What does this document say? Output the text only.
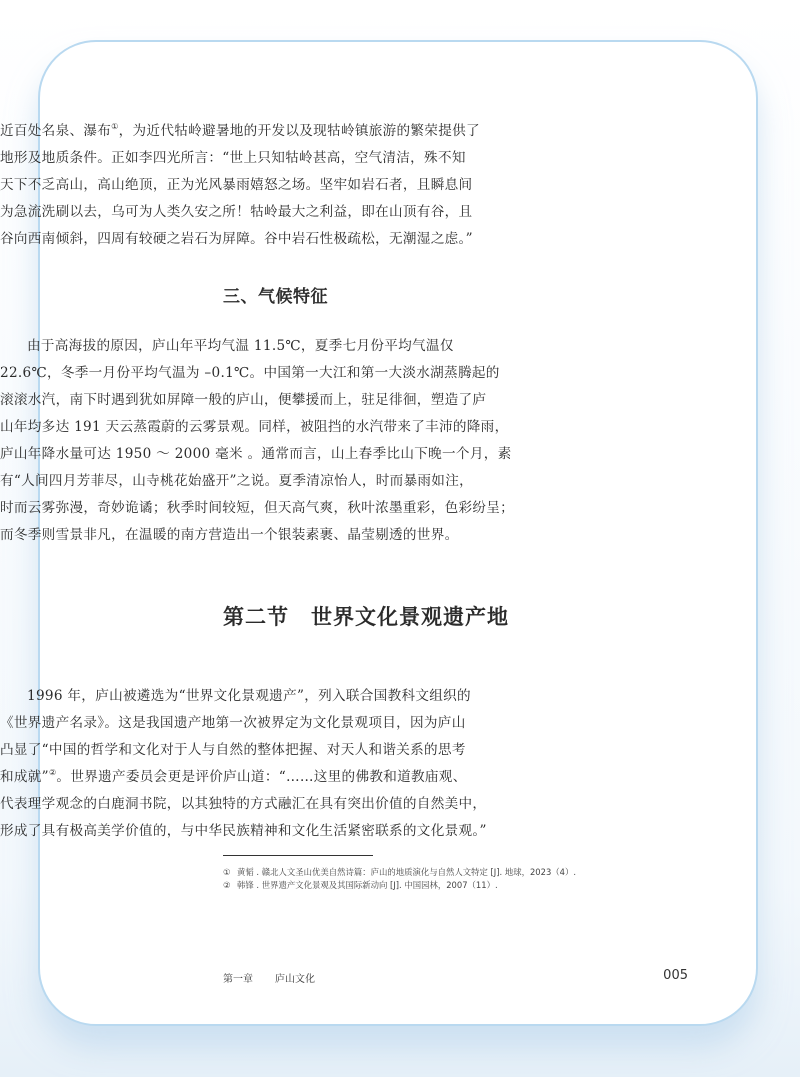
近百处名泉、瀑布①，为近代牯岭避暑地的开发以及现牯岭镇旅游的繁荣提供了
地形及地质条件。正如李四光所言：“世上只知牯岭甚高，空气清洁，殊不知
天下不乏高山，高山绝顶，正为光风暴雨嬉怒之场。坚牢如岩石者，且瞬息间
为急流洗刷以去，乌可为人类久安之所！牯岭最大之利益，即在山顶有谷，且
谷向西南倾斜，四周有较硬之岩石为屏障。谷中岩石性极疏松，无潮湿之虑。”

三、气候特征

由于高海拔的原因，庐山年平均气温 11.5℃，夏季七月份平均气温仅
22.6℃，冬季一月份平均气温为 –0.1℃。中国第一大江和第一大淡水湖蒸腾起的
滚滚水汽，南下时遇到犹如屏障一般的庐山，便攀援而上，驻足徘徊，塑造了庐
山年均多达 191 天云蒸霞蔚的云雾景观。同样，被阻挡的水汽带来了丰沛的降雨，
庐山年降水量可达 1950 ～ 2000 毫米 。通常而言，山上春季比山下晚一个月，素
有“人间四月芳菲尽，山寺桃花始盛开”之说。夏季清凉怡人，时而暴雨如注，
时而云雾弥漫，奇妙诡谲；秋季时间较短，但天高气爽，秋叶浓墨重彩，色彩纷呈；
而冬季则雪景非凡，在温暖的南方营造出一个银装素裹、晶莹剔透的世界。

第二节　世界文化景观遗产地

1996 年，庐山被遴选为“世界文化景观遗产”，列入联合国教科文组织的
《世界遗产名录》。这是我国遗产地第一次被界定为文化景观项目，因为庐山
凸显了“中国的哲学和文化对于人与自然的整体把握、对天人和谐关系的思考
和成就”②。世界遗产委员会更是评价庐山道：“……这里的佛教和道教庙观、
代表理学观念的白鹿洞书院，以其独特的方式融汇在具有突出价值的自然美中，
形成了具有极高美学价值的，与中华民族精神和文化生活紧密联系的文化景观。”

① 黄韬 . 赣北人文圣山优美自然诗篇：庐山的地质演化与自然人文特定 [J]. 地球，2023（4）.
② 韩锋 . 世界遗产文化景观及其国际新动向 [J]. 中国园林，2007（11）.
第一章 庐山文化	005
